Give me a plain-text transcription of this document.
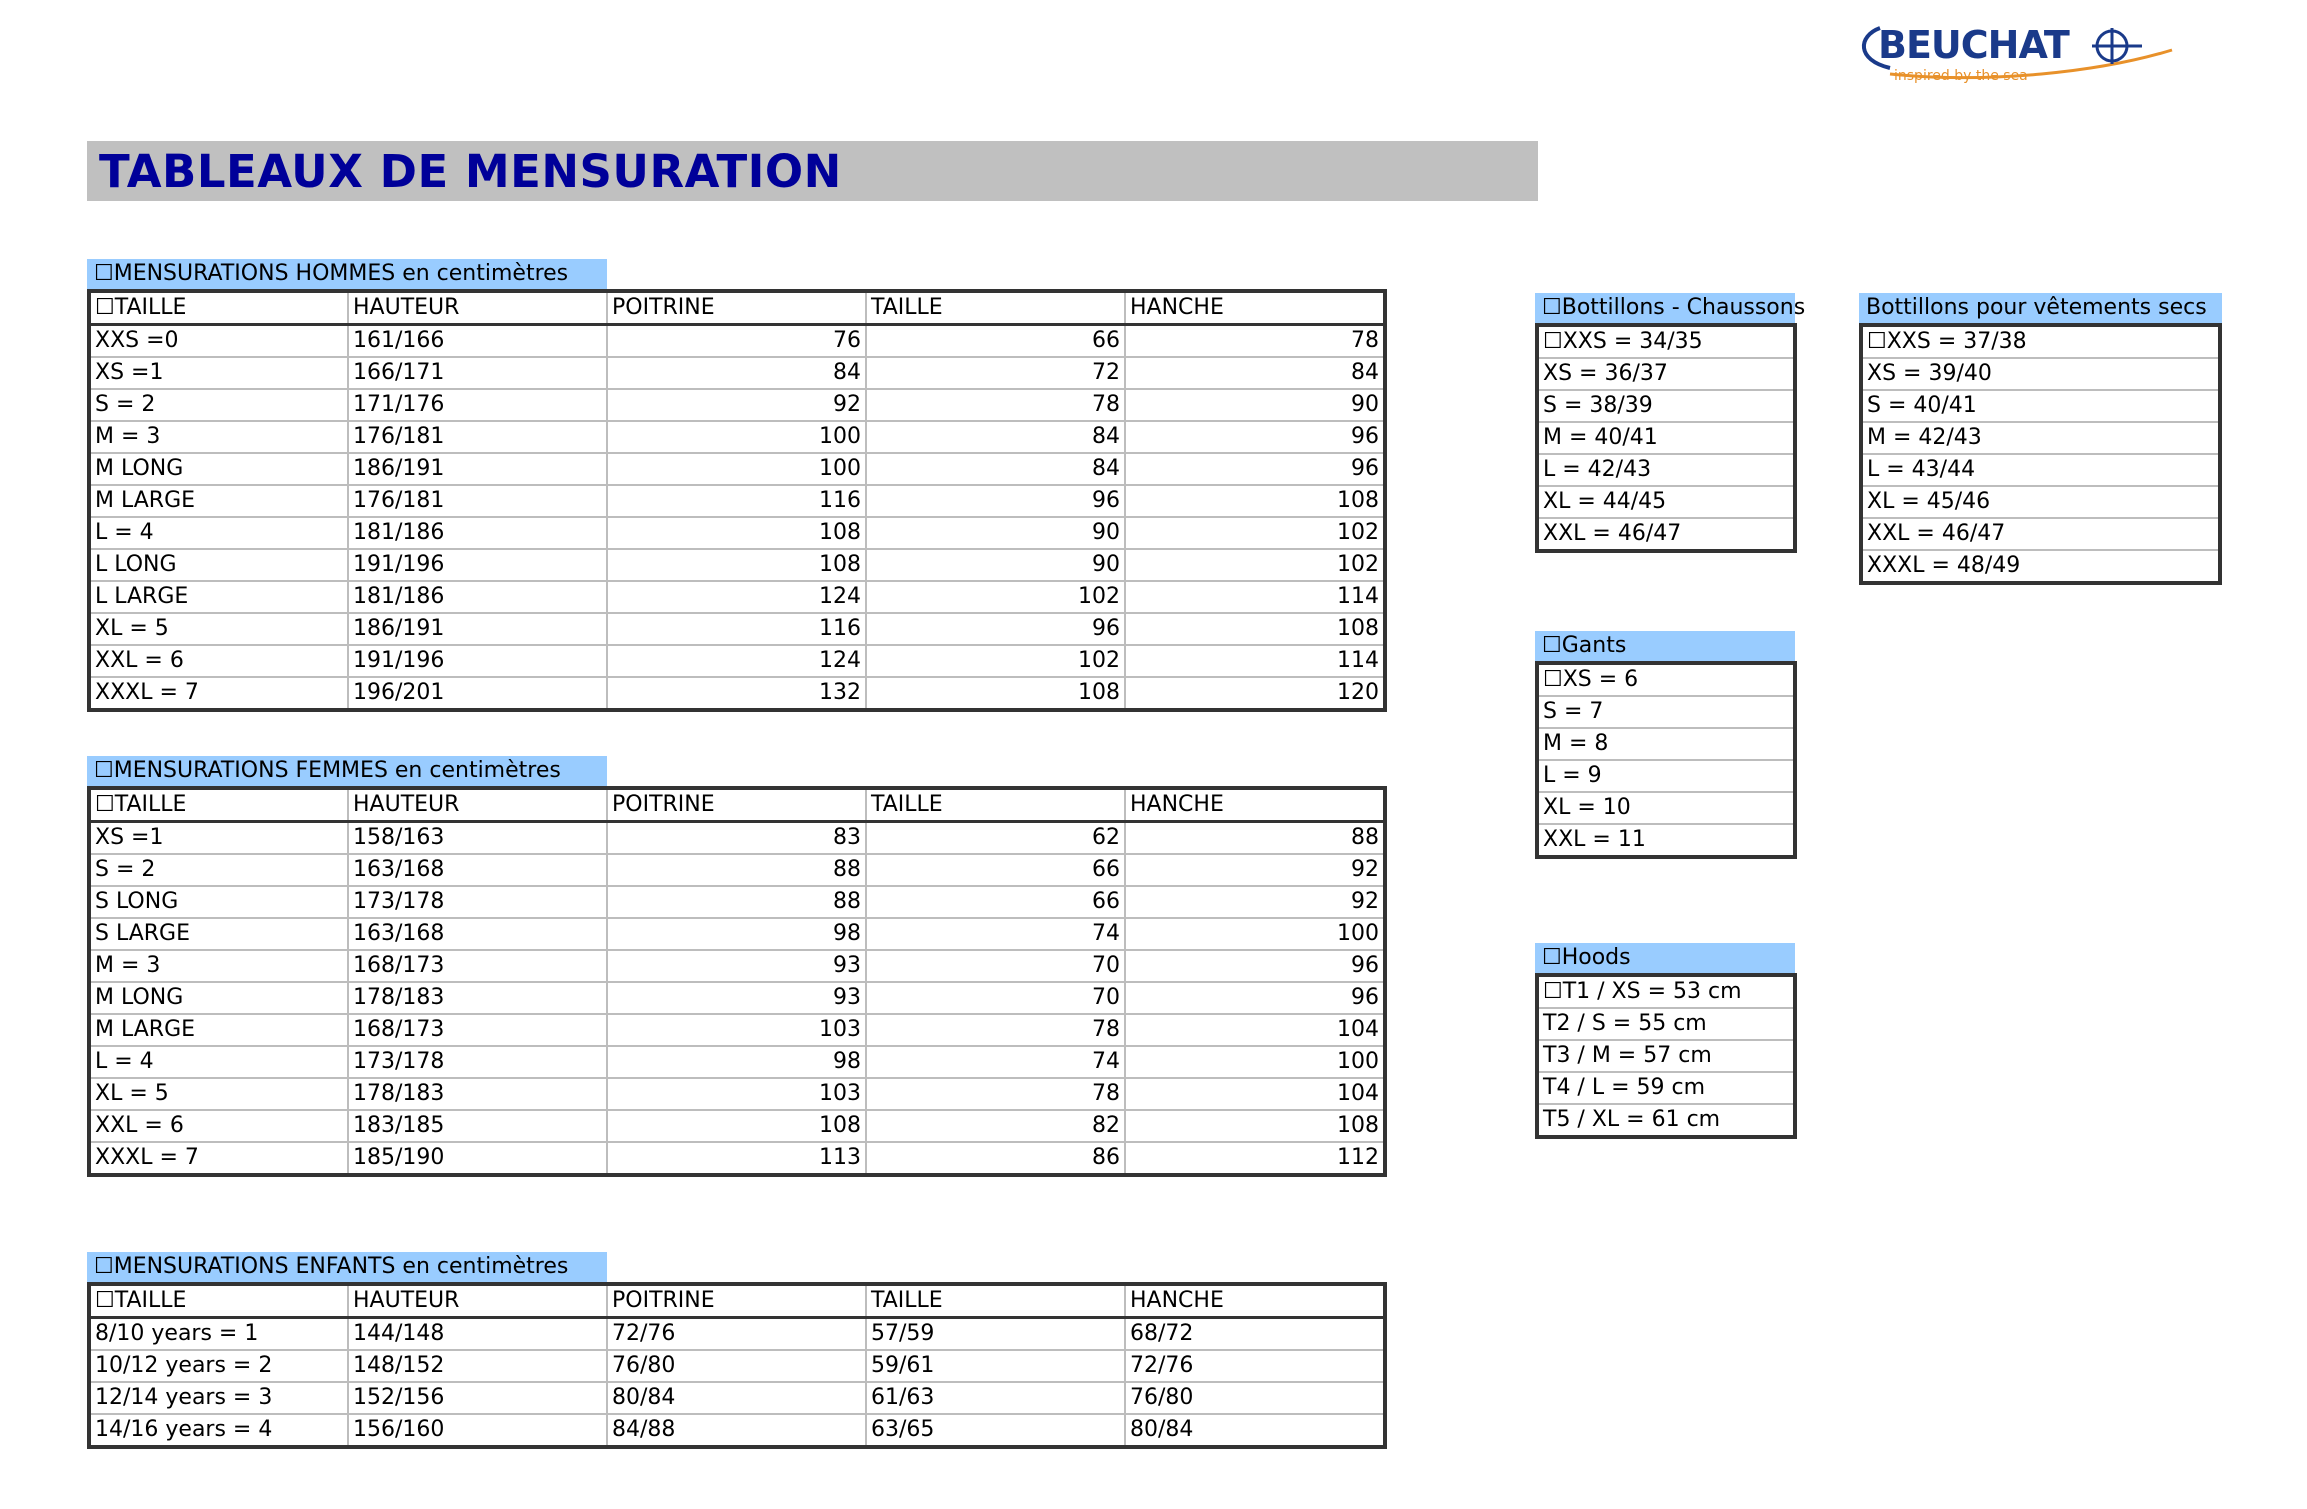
BEUCHAT
inspired by the sea
TABLEAUX DE MENSURATION
☐MENSURATIONS HOMMES en centimètres
☐TAILLE	HAUTEUR	POITRINE	TAILLE	HANCHE
XXS =0	161/166	76	66	78
XS =1	166/171	84	72	84
S = 2	171/176	92	78	90
M = 3	176/181	100	84	96
M LONG	186/191	100	84	96
M LARGE	176/181	116	96	108
L = 4	181/186	108	90	102
L LONG	191/196	108	90	102
L LARGE	181/186	124	102	114
XL = 5	186/191	116	96	108
XXL = 6	191/196	124	102	114
XXXL = 7	196/201	132	108	120
☐MENSURATIONS FEMMES en centimètres
☐TAILLE	HAUTEUR	POITRINE	TAILLE	HANCHE
XS =1	158/163	83	62	88
S = 2	163/168	88	66	92
S LONG	173/178	88	66	92
S LARGE	163/168	98	74	100
M = 3	168/173	93	70	96
M LONG	178/183	93	70	96
M LARGE	168/173	103	78	104
L = 4	173/178	98	74	100
XL = 5	178/183	103	78	104
XXL = 6	183/185	108	82	108
XXXL = 7	185/190	113	86	112
☐MENSURATIONS ENFANTS en centimètres
☐TAILLE	HAUTEUR	POITRINE	TAILLE	HANCHE
8/10 years = 1	144/148	72/76	57/59	68/72
10/12 years = 2	148/152	76/80	59/61	72/76
12/14 years = 3	152/156	80/84	61/63	76/80
14/16 years = 4	156/160	84/88	63/65	80/84
☐Bottillons - Chaussons
☐XXS = 34/35
XS = 36/37
S = 38/39
M = 40/41
L = 42/43
XL = 44/45
XXL = 46/47
Bottillons pour vêtements secs
☐XXS = 37/38
XS = 39/40
S = 40/41
M = 42/43
L = 43/44
XL = 45/46
XXL = 46/47
XXXL = 48/49
☐Gants
☐XS = 6
S = 7
M = 8
L = 9
XL = 10
XXL = 11
☐Hoods
☐T1 / XS = 53 cm
T2 / S = 55 cm
T3 / M = 57 cm
T4 / L = 59 cm
T5 / XL = 61 cm
